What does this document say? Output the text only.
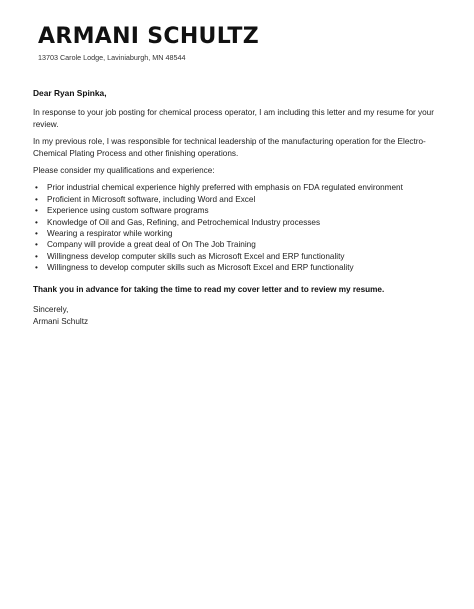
ARMANI SCHULTZ
13703 Carole Lodge, Laviniaburgh, MN 48544

Dear Ryan Spinka,

In response to your job posting for chemical process operator, I am including this letter and my resume for your review.

In my previous role, I was responsible for technical leadership of the manufacturing operation for the Electro-Chemical Plating Process and other finishing operations.

Please consider my qualifications and experience:

• Prior industrial chemical experience highly preferred with emphasis on FDA regulated environment
• Proficient in Microsoft software, including Word and Excel
• Experience using custom software programs
• Knowledge of Oil and Gas, Refining, and Petrochemical Industry processes
• Wearing a respirator while working
• Company will provide a great deal of On The Job Training
• Willingness develop computer skills such as Microsoft Excel and ERP functionality
• Willingness to develop computer skills such as Microsoft Excel and ERP functionality

Thank you in advance for taking the time to read my cover letter and to review my resume.

Sincerely,

Armani Schultz
